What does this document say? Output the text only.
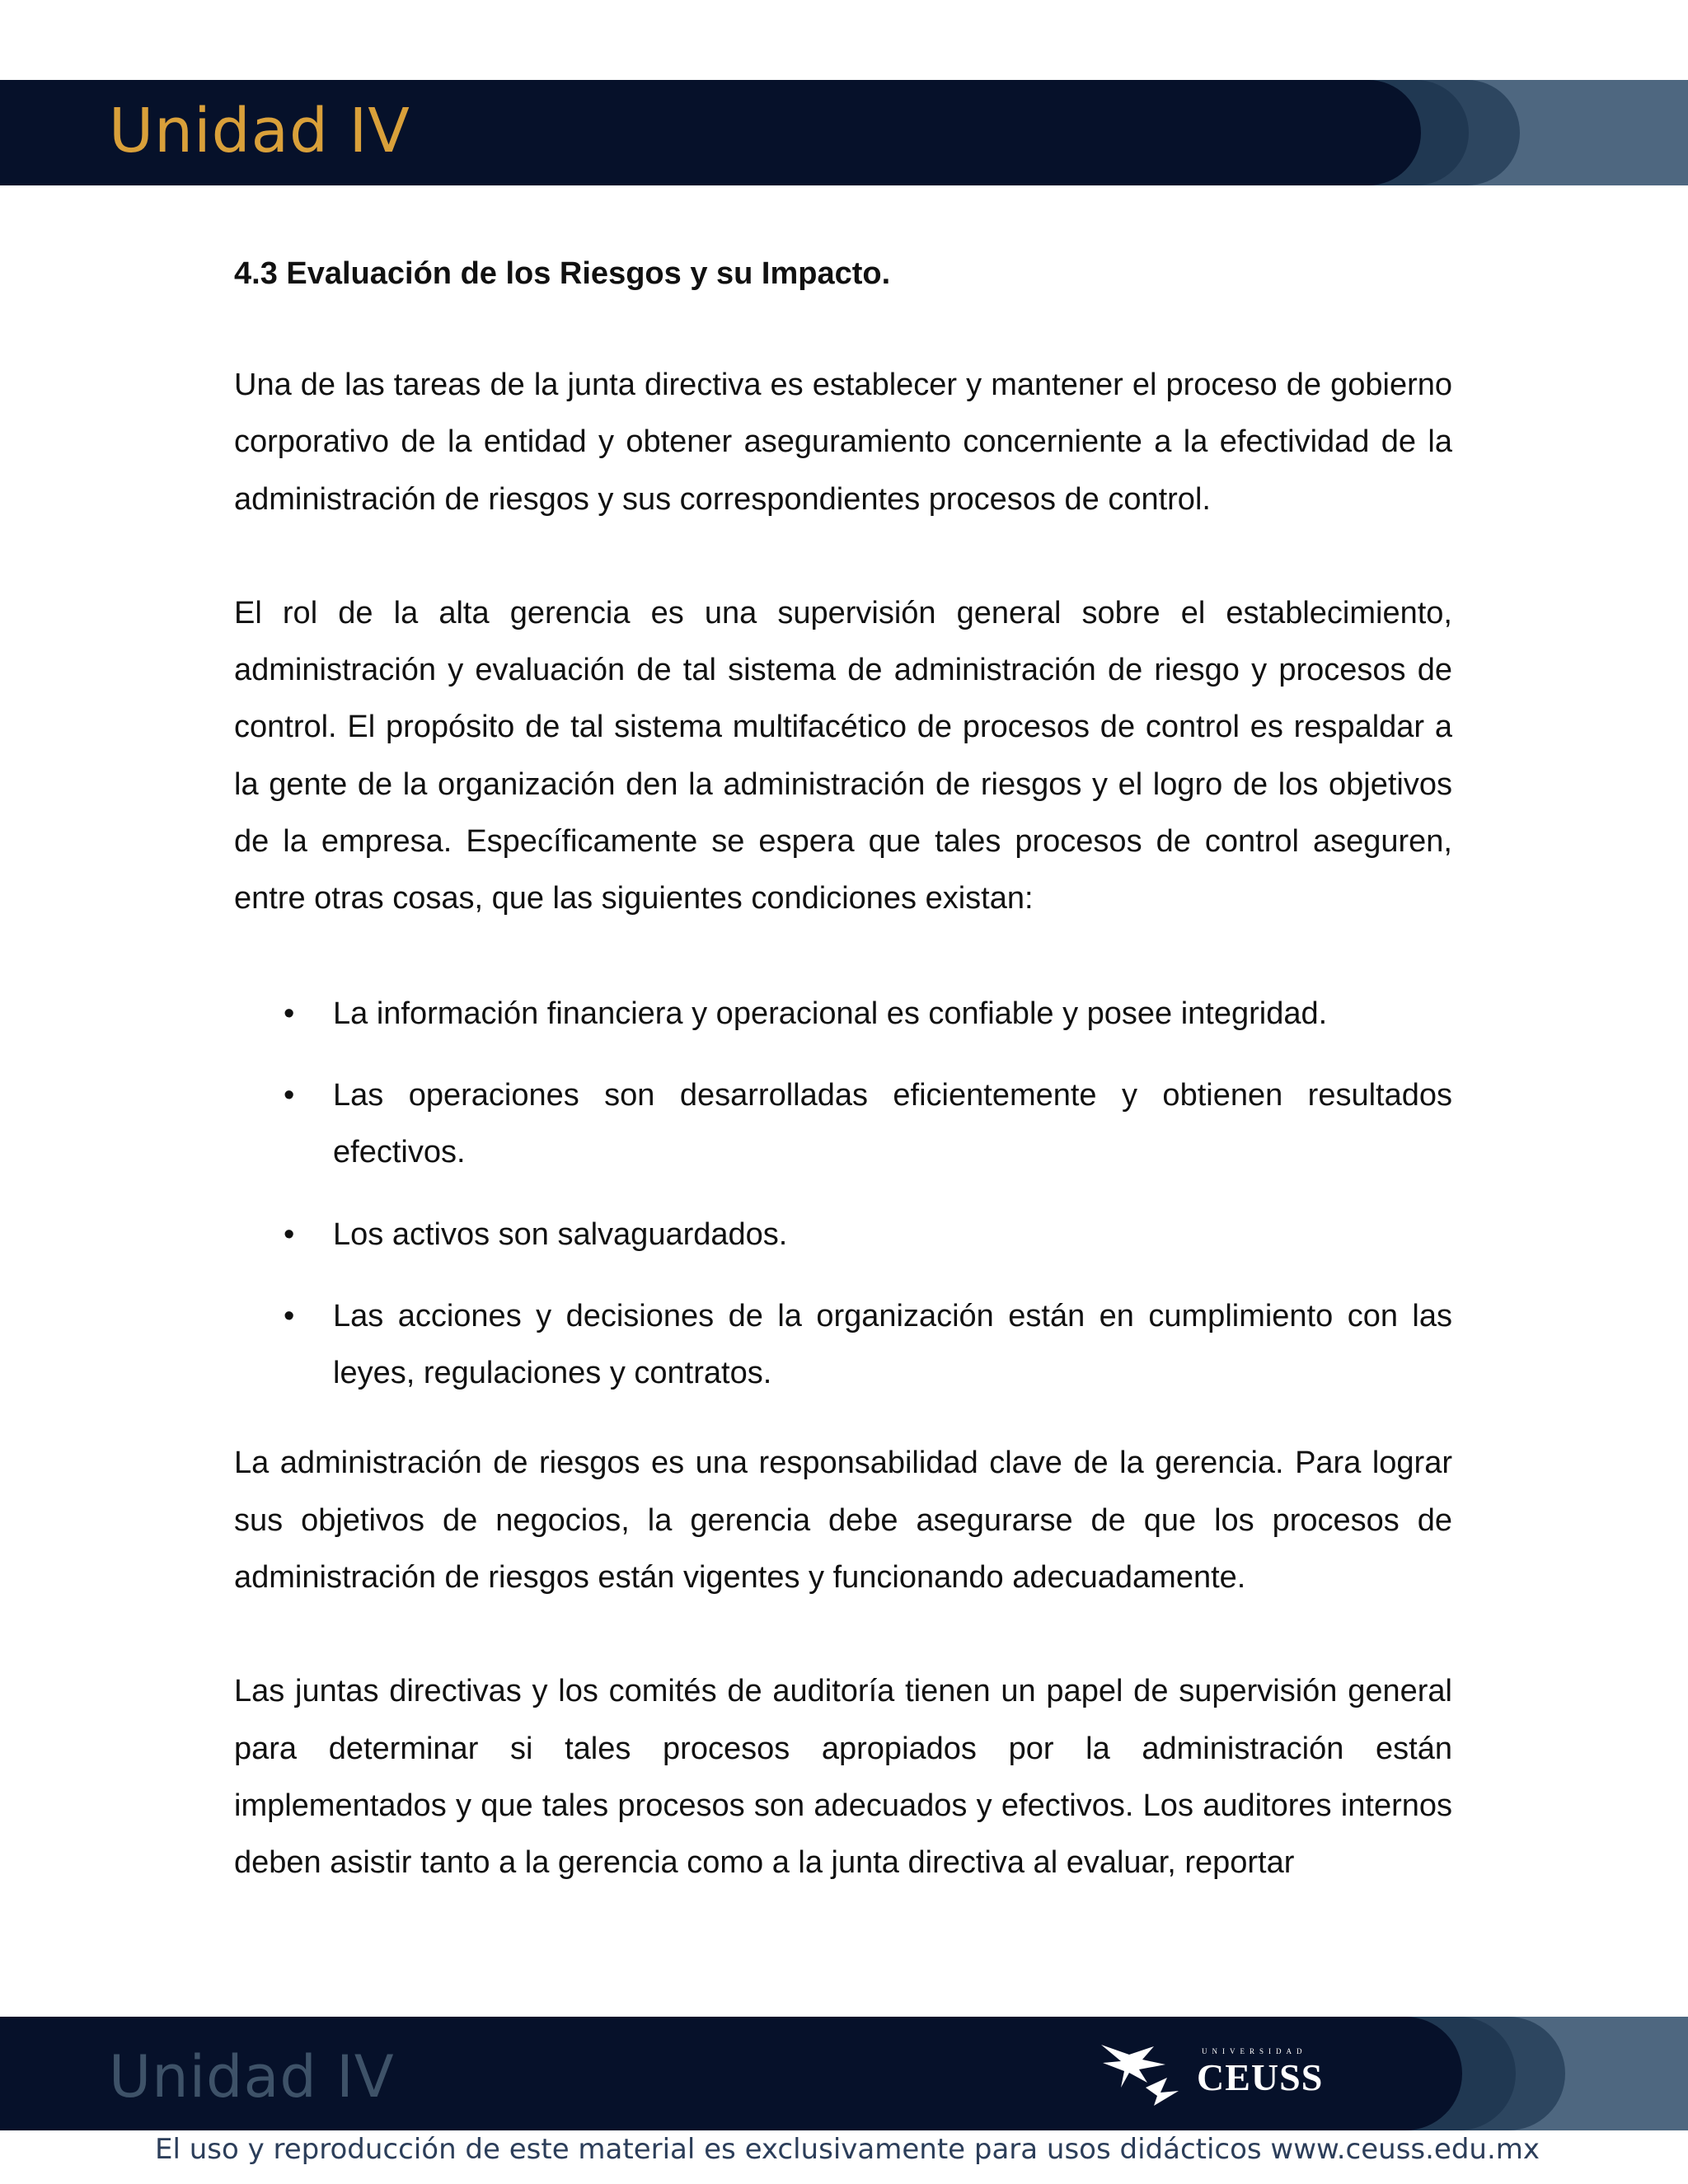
Unidad IV
4.3 Evaluación de los Riesgos y su Impacto.

Una de las tareas de la junta directiva es establecer y mantener el proceso de gobierno corporativo de la entidad y obtener aseguramiento concerniente a la efectividad de la administración de riesgos y sus correspondientes procesos de control.

El rol de la alta gerencia es una supervisión general sobre el establecimiento, administración y evaluación de tal sistema de administración de riesgo y procesos de control. El propósito de tal sistema multifacético de procesos de control es respaldar a la gente de la organización den la administración de riesgos y el logro de los objetivos de la empresa. Específicamente se espera que tales procesos de control aseguren, entre otras cosas, que las siguientes condiciones existan:

• La información financiera y operacional es confiable y posee integridad.
• Las operaciones son desarrolladas eficientemente y obtienen resultados efectivos.
• Los activos son salvaguardados.
• Las acciones y decisiones de la organización están en cumplimiento con las leyes, regulaciones y contratos.

La administración de riesgos es una responsabilidad clave de la gerencia. Para lograr sus objetivos de negocios, la gerencia debe asegurarse de que los procesos de administración de riesgos están vigentes y funcionando adecuadamente.

Las juntas directivas y los comités de auditoría tienen un papel de supervisión general para determinar si tales procesos apropiados por la administración están implementados y que tales procesos son adecuados y efectivos. Los auditores internos deben asistir tanto a la gerencia como a la junta directiva al evaluar, reportar

Unidad IV	UNIVERSIDAD
CEUSS
El uso y reproducción de este material es exclusivamente para usos didácticos www.ceuss.edu.mx
